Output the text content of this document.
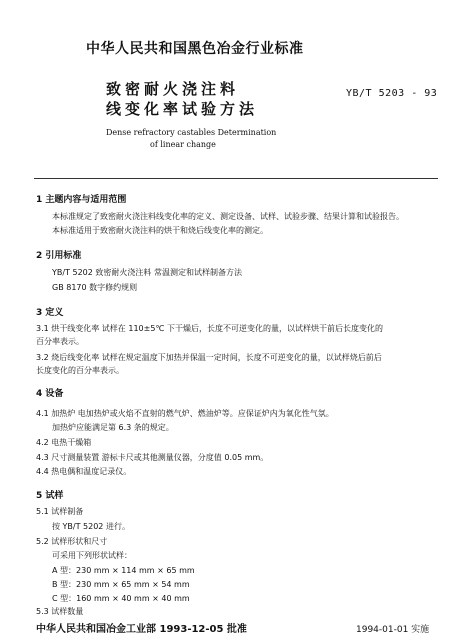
中华人民共和国黑色冶金行业标准
致密耐火浇注料
线变化率试验方法
YB/T 5203 - 93
Dense refractory castables Determination
of linear change
1 主题内容与适用范围
本标准规定了致密耐火浇注料线变化率的定义、测定设备、试样、试验步骤、结果计算和试验报告。
本标准适用于致密耐火浇注料的烘干和烧后线变化率的测定。
2 引用标准
YB/T 5202 致密耐火浇注料 常温测定和试样制备方法
GB 8170 数字修约规则
3 定义
3.1 烘干线变化率 试样在 110±5℃ 下干燥后，长度不可逆变化的量，以试样烘干前后长度变化的
百分率表示。
3.2 烧后线变化率 试样在规定温度下加热并保温一定时间，长度不可逆变化的量，以试样烧后前后
长度变化的百分率表示。
4 设备
4.1 加热炉 电加热炉或火焰不直射的燃气炉、燃油炉等。应保证炉内为氧化性气氛。
加热炉应能满足第 6.3 条的规定。
4.2 电热干燥箱
4.3 尺寸测量装置 游标卡尺或其他测量仪器，分度值 0.05 mm。
4.4 热电偶和温度记录仪。
5 试样
5.1 试样制备
按 YB/T 5202 进行。
5.2 试样形状和尺寸
可采用下列形状试样：
A 型：230 mm × 114 mm × 65 mm
B 型：230 mm × 65 mm × 54 mm
C 型：160 mm × 40 mm × 40 mm
5.3 试样数量
中华人民共和国冶金工业部 1993-12-05 批准	1994-01-01 实施
